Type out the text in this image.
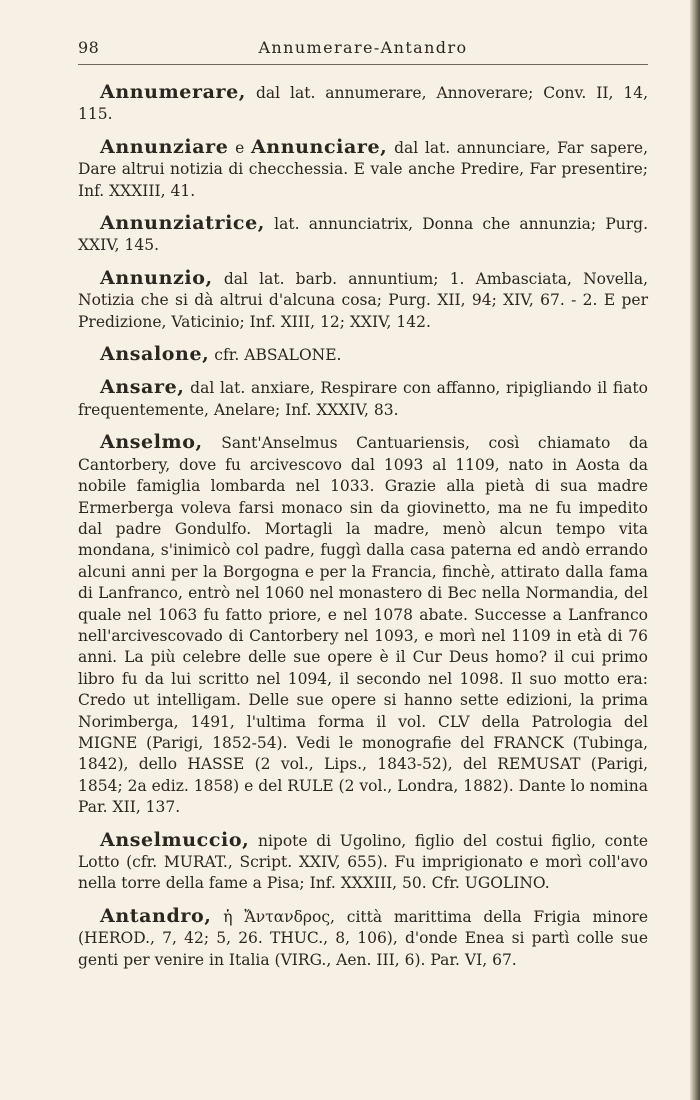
98	Annumerare-Antandro

Annumerare, dal lat. annumerare, Annoverare; Conv. II, 14, 115.

Annunziare e Annunciare, dal lat. annunciare, Far sapere, Dare altrui notizia di checchessia. E vale anche Predire, Far presentire; Inf. XXXIII, 41.

Annunziatrice, lat. annunciatrix, Donna che annunzia; Purg. XXIV, 145.

Annunzio, dal lat. barb. annuntium; 1. Ambasciata, Novella, Notizia che si dà altrui d'alcuna cosa; Purg. XII, 94; XIV, 67. - 2. E per Predizione, Vaticinio; Inf. XIII, 12; XXIV, 142.

Ansalone, cfr. ABSALONE.

Ansare, dal lat. anxiare, Respirare con affanno, ripigliando il fiato frequentemente, Anelare; Inf. XXXIV, 83.

Anselmo, Sant'Anselmus Cantuariensis, così chiamato da Cantorbery, dove fu arcivescovo dal 1093 al 1109, nato in Aosta da nobile famiglia lombarda nel 1033. Grazie alla pietà di sua madre Ermerberga voleva farsi monaco sin da giovinetto, ma ne fu impedito dal padre Gondulfo. Mortagli la madre, menò alcun tempo vita mondana, s'inimicò col padre, fuggì dalla casa paterna ed andò errando alcuni anni per la Borgogna e per la Francia, finchè, attirato dalla fama di Lanfranco, entrò nel 1060 nel monastero di Bec nella Normandia, del quale nel 1063 fu fatto priore, e nel 1078 abate. Successe a Lanfranco nell'arcivescovado di Cantorbery nel 1093, e morì nel 1109 in età di 76 anni. La più celebre delle sue opere è il Cur Deus homo? il cui primo libro fu da lui scritto nel 1094, il secondo nel 1098. Il suo motto era: Credo ut intelligam. Delle sue opere si hanno sette edizioni, la prima Norimberga, 1491, l'ultima forma il vol. CLV della Patrologia del MIGNE (Parigi, 1852-54). Vedi le monografie del FRANCK (Tubinga, 1842), dello HASSE (2 vol., Lips., 1843-52), del REMUSAT (Parigi, 1854; 2a ediz. 1858) e del RULE (2 vol., Londra, 1882). Dante lo nomina Par. XII, 137.

Anselmuccio, nipote di Ugolino, figlio del costui figlio, conte Lotto (cfr. MURAT., Script. XXIV, 655). Fu imprigionato e morì coll'avo nella torre della fame a Pisa; Inf. XXXIII, 50. Cfr. UGOLINO.

Antandro, ἡ Ἄντανδρος, città marittima della Frigia minore (HEROD., 7, 42; 5, 26. THUC., 8, 106), d'onde Enea si partì colle sue genti per venire in Italia (VIRG., Aen. III, 6). Par. VI, 67.
